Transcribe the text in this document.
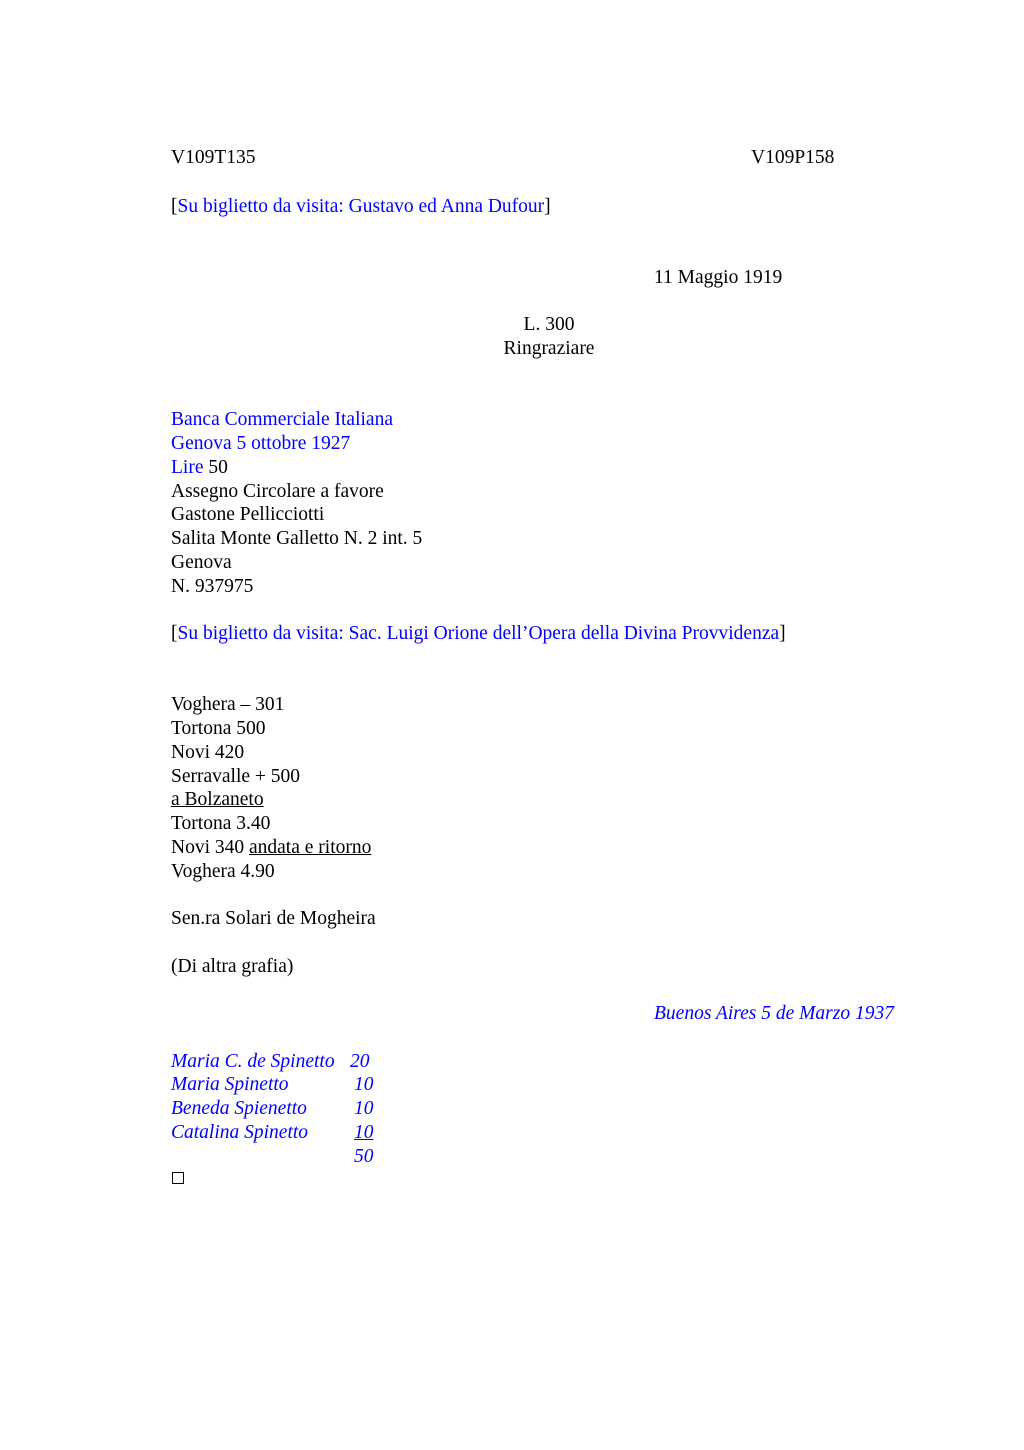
V109T135	V109P158
[Su biglietto da visita: Gustavo ed Anna Dufour]
11 Maggio 1919
L. 300
Ringraziare
Banca Commerciale Italiana
Genova 5 ottobre 1927
Lire 50
Assegno Circolare a favore
Gastone Pellicciotti
Salita Monte Galletto N. 2 int. 5
Genova
N. 937975
[Su biglietto da visita: Sac. Luigi Orione dell’Opera della Divina Provvidenza]
Voghera – 301
Tortona 500
Novi 420
Serravalle + 500
a Bolzaneto
Tortona 3.40
Novi 340 andata e ritorno
Voghera 4.90
Sen.ra Solari de Mogheira
(Di altra grafia)
Buenos Aires 5 de Marzo 1937
Maria C. de Spinetto 20
Maria Spinetto	10
Beneda Spienetto 10
Catalina Spinetto 10
50
